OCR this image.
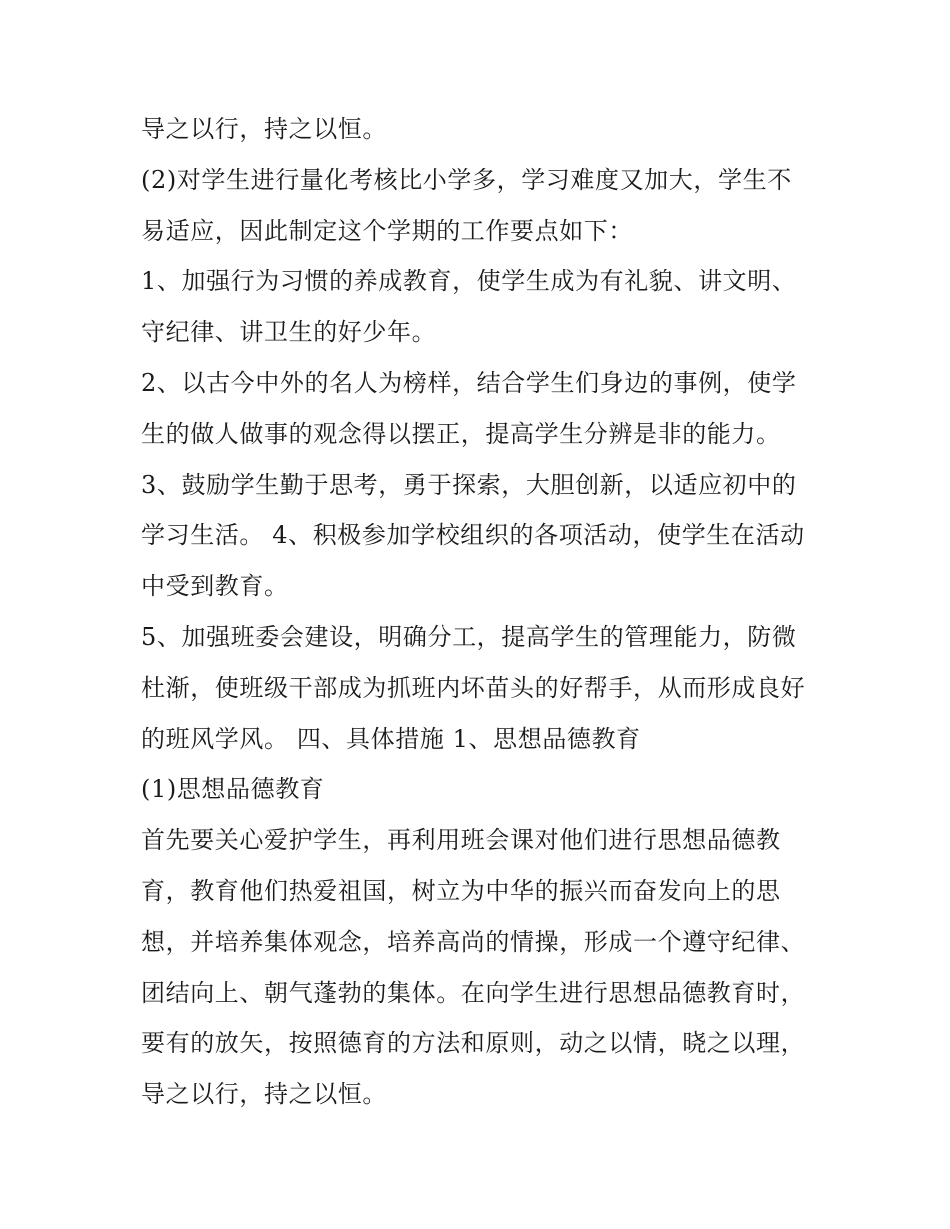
导之以行，持之以恒。
(2)对学生进行量化考核比小学多，学习难度又加大，学生不
易适应，因此制定这个学期的工作要点如下：
1、加强行为习惯的养成教育，使学生成为有礼貌、讲文明、
守纪律、讲卫生的好少年。
2、以古今中外的名人为榜样，结合学生们身边的事例，使学
生的做人做事的观念得以摆正，提高学生分辨是非的能力。
3、鼓励学生勤于思考，勇于探索，大胆创新，以适应初中的
学习生活。 4、积极参加学校组织的各项活动，使学生在活动
中受到教育。
5、加强班委会建设，明确分工，提高学生的管理能力，防微
杜渐，使班级干部成为抓班内坏苗头的好帮手，从而形成良好
的班风学风。 四、具体措施 1、思想品德教育
(1)思想品德教育
首先要关心爱护学生，再利用班会课对他们进行思想品德教
育，教育他们热爱祖国，树立为中华的振兴而奋发向上的思
想，并培养集体观念，培养高尚的情操，形成一个遵守纪律、
团结向上、朝气蓬勃的集体。在向学生进行思想品德教育时，
要有的放矢，按照德育的方法和原则，动之以情，晓之以理，
导之以行，持之以恒。
